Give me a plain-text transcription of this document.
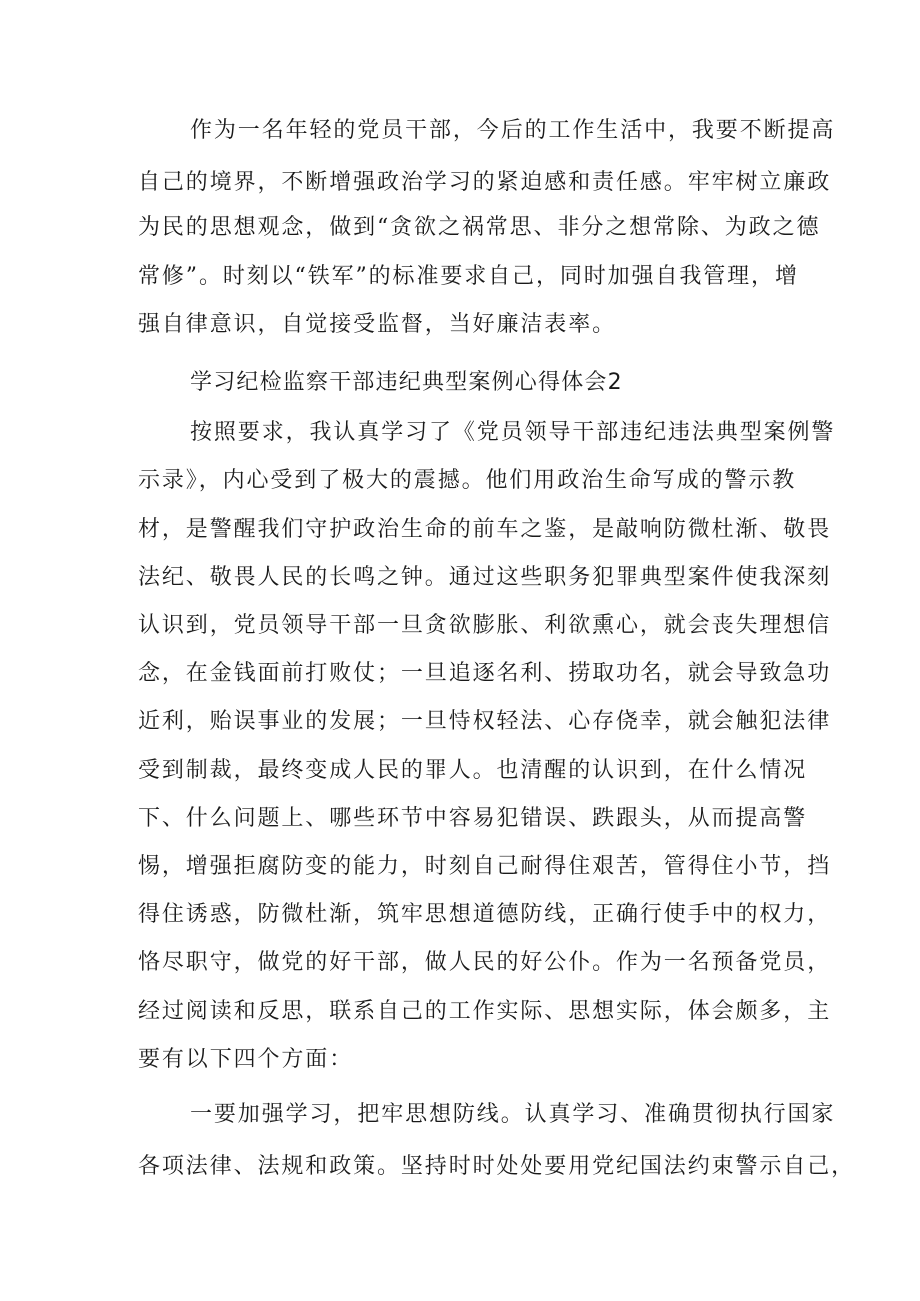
作为一名年轻的党员干部，今后的工作生活中，我要不断提高
自己的境界，不断增强政治学习的紧迫感和责任感。牢牢树立廉政
为民的思想观念，做到“贪欲之祸常思、非分之想常除、为政之德
常修”。时刻以“铁军”的标准要求自己，同时加强自我管理，增
强自律意识，自觉接受监督，当好廉洁表率。
学习纪检监察干部违纪典型案例心得体会2
按照要求，我认真学习了《党员领导干部违纪违法典型案例警
示录》，内心受到了极大的震撼。他们用政治生命写成的警示教
材，是警醒我们守护政治生命的前车之鉴，是敲响防微杜渐、敬畏
法纪、敬畏人民的长鸣之钟。通过这些职务犯罪典型案件使我深刻
认识到，党员领导干部一旦贪欲膨胀、利欲熏心，就会丧失理想信
念，在金钱面前打败仗；一旦追逐名利、捞取功名，就会导致急功
近利，贻误事业的发展；一旦恃权轻法、心存侥幸，就会触犯法律
受到制裁，最终变成人民的罪人。也清醒的认识到，在什么情况
下、什么问题上、哪些环节中容易犯错误、跌跟头，从而提高警
惕，增强拒腐防变的能力，时刻自己耐得住艰苦，管得住小节，挡
得住诱惑，防微杜渐，筑牢思想道德防线，正确行使手中的权力，
恪尽职守，做党的好干部，做人民的好公仆。作为一名预备党员，
经过阅读和反思，联系自己的工作实际、思想实际，体会颇多，主
要有以下四个方面：
一要加强学习，把牢思想防线。认真学习、准确贯彻执行国家
各项法律、法规和政策。坚持时时处处要用党纪国法约束警示自己，
